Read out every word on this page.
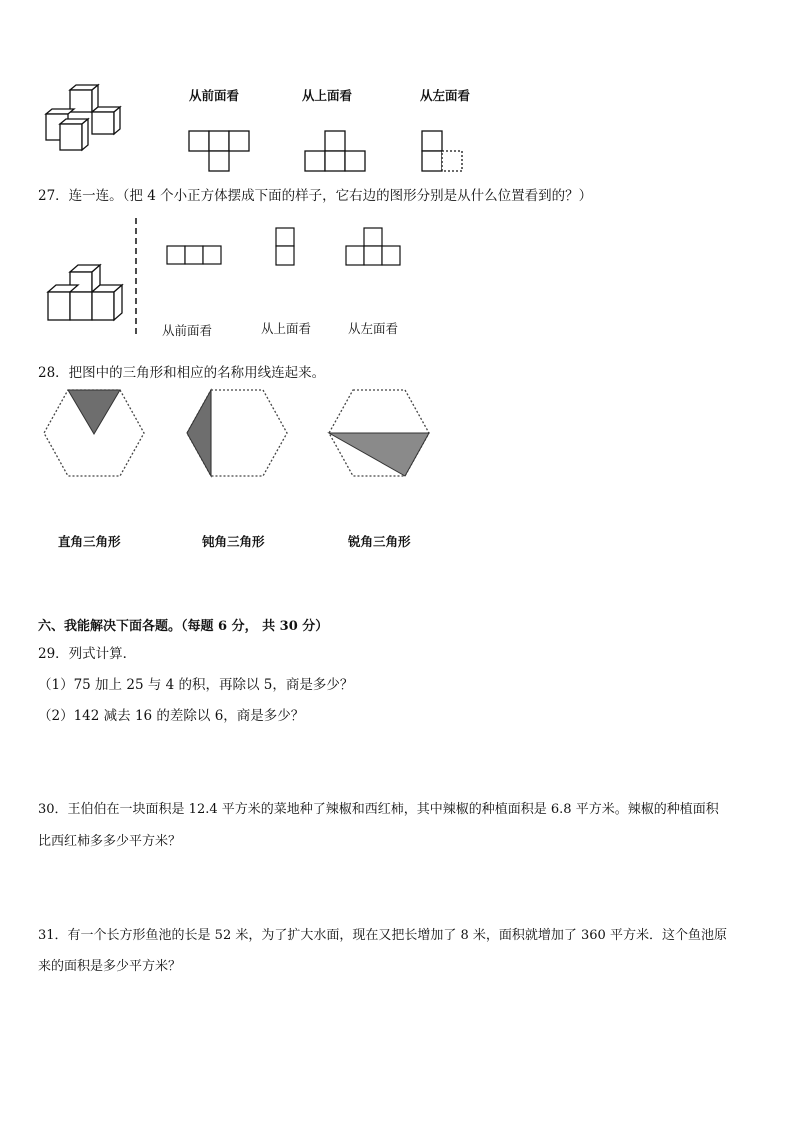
从前面看	从上面看	从左面看
27．连一连。（把 4 个小正方体摆成下面的样子，它右边的图形分别是从什么位置看到的？）
从前面看	从上面看	从左面看
28．把图中的三角形和相应的名称用线连起来。
直角三角形	钝角三角形	锐角三角形
六、我能解决下面各题。（每题 6 分， 共 30 分）
29．列式计算．
（1）75 加上 25 与 4 的积，再除以 5，商是多少？
（2）142 减去 16 的差除以 6，商是多少？
30．王伯伯在一块面积是 12.4 平方米的菜地种了辣椒和西红柿，其中辣椒的种植面积是 6.8 平方米。辣椒的种植面积
比西红柿多多少平方米？
31．有一个长方形鱼池的长是 52 米，为了扩大水面，现在又把长增加了 8 米，面积就增加了 360 平方米．这个鱼池原
来的面积是多少平方米？
